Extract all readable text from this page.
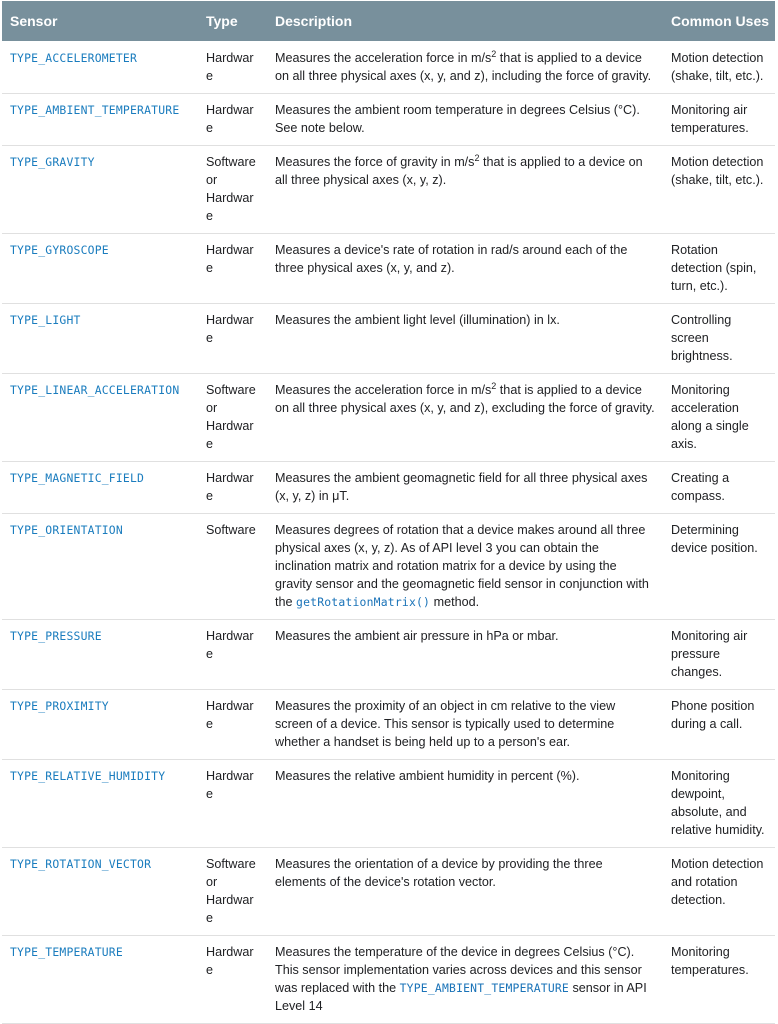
Sensor	Type	Description	Common Uses
TYPE_ACCELEROMETER	Hardware	Measures the acceleration force in $m/s^2$ that is applied to a device on all three physical axes (x, y, and z), including the force of gravity.	Motion detection (shake, tilt, etc.).
TYPE_AMBIENT_TEMPERATURE	Hardware	Measures the ambient room temperature in degrees Celsius (°C). See note below.	Monitoring air temperatures.
TYPE_GRAVITY	Software or Hardware	Measures the force of gravity in $m/s^2$ that is applied to a device on all three physical axes (x, y, z).	Motion detection (shake, tilt, etc.).
TYPE_GYROSCOPE	Hardware	Measures a device's rate of rotation in rad/s around each of the three physical axes (x, y, and z).	Rotation detection (spin, turn, etc.).
TYPE_LIGHT	Hardware	Measures the ambient light level (illumination) in lx.	Controlling screen brightness.
TYPE_LINEAR_ACCELERATION	Software or Hardware	Measures the acceleration force in $m/s^2$ that is applied to a device on all three physical axes (x, y, and z), excluding the force of gravity.	Monitoring acceleration along a single axis.
TYPE_MAGNETIC_FIELD	Hardware	Measures the ambient geomagnetic field for all three physical axes (x, y, z) in μT.	Creating a compass.
TYPE_ORIENTATION	Software	Measures degrees of rotation that a device makes around all three physical axes (x, y, z). As of API level 3 you can obtain the inclination matrix and rotation matrix for a device by using the gravity sensor and the geomagnetic field sensor in conjunction with the getRotationMatrix() method.	Determining device position.
TYPE_PRESSURE	Hardware	Measures the ambient air pressure in hPa or mbar.	Monitoring air pressure changes.
TYPE_PROXIMITY	Hardware	Measures the proximity of an object in cm relative to the view screen of a device. This sensor is typically used to determine whether a handset is being held up to a person's ear.	Phone position during a call.
TYPE_RELATIVE_HUMIDITY	Hardware	Measures the relative ambient humidity in percent (%).	Monitoring dewpoint, absolute, and relative humidity.
TYPE_ROTATION_VECTOR	Software or Hardware	Measures the orientation of a device by providing the three elements of the device's rotation vector.	Motion detection and rotation detection.
TYPE_TEMPERATURE	Hardware	Measures the temperature of the device in degrees Celsius (°C). This sensor implementation varies across devices and this sensor was replaced with the TYPE_AMBIENT_TEMPERATURE sensor in API Level 14	Monitoring temperatures.
